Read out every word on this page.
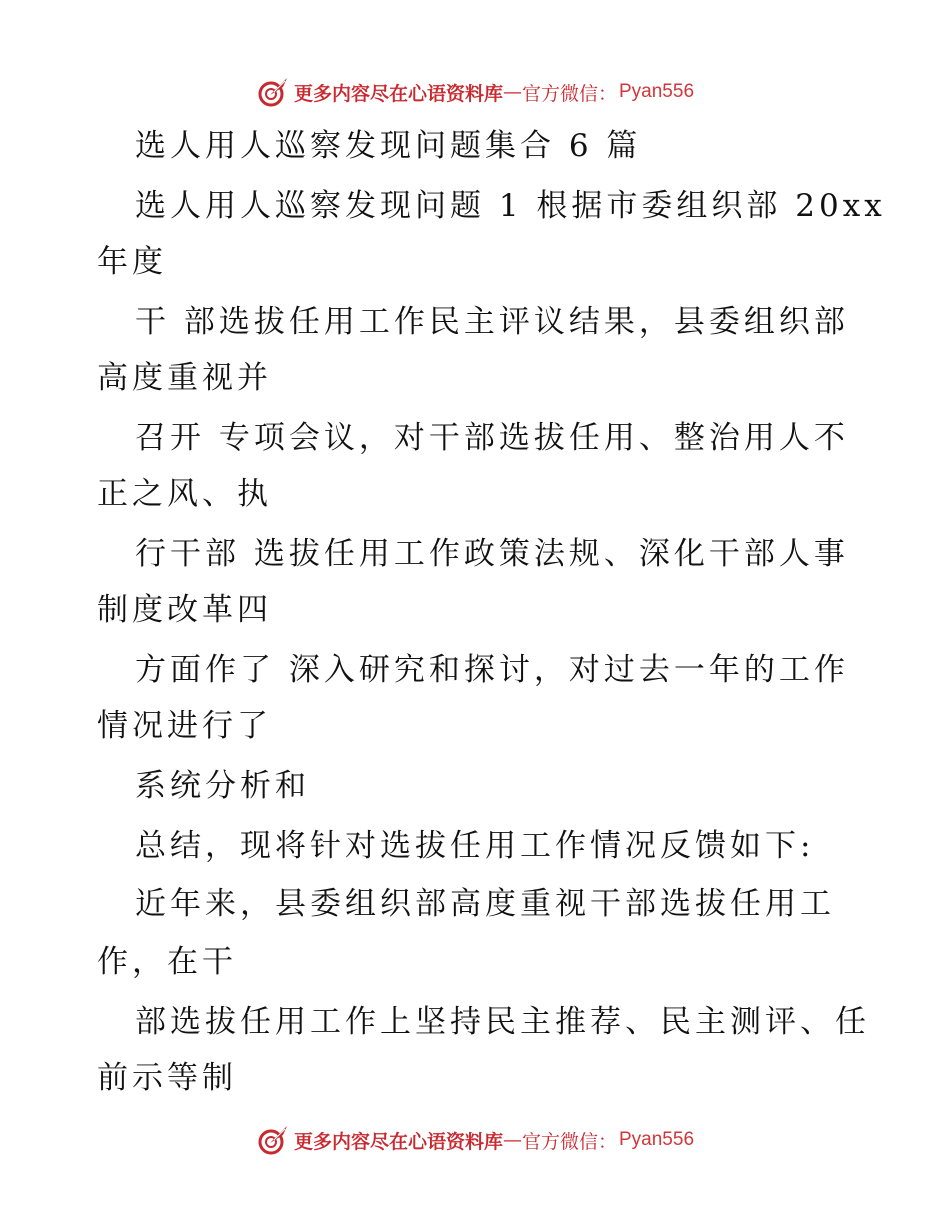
更多内容尽在心语资料库 — 官方微信： Pyan556
选人用人巡察发现问题集合 6 篇
选人用人巡察发现问题 1 根据市委组织部 20xx
年度
干 部选拔任用工作民主评议结果，县委组织部
高度重视并
召开 专项会议，对干部选拔任用、整治用人不
正之风、执
行干部 选拔任用工作政策法规、深化干部人事
制度改革四
方面作了 深入研究和探讨，对过去一年的工作
情况进行了
系统分析和
总结，现将针对选拔任用工作情况反馈如下:
近年来，县委组织部高度重视干部选拔任用工
作，在干
部选拔任用工作上坚持民主推荐、民主测评、任
前示等制
更多内容尽在心语资料库 — 官方微信： Pyan556
